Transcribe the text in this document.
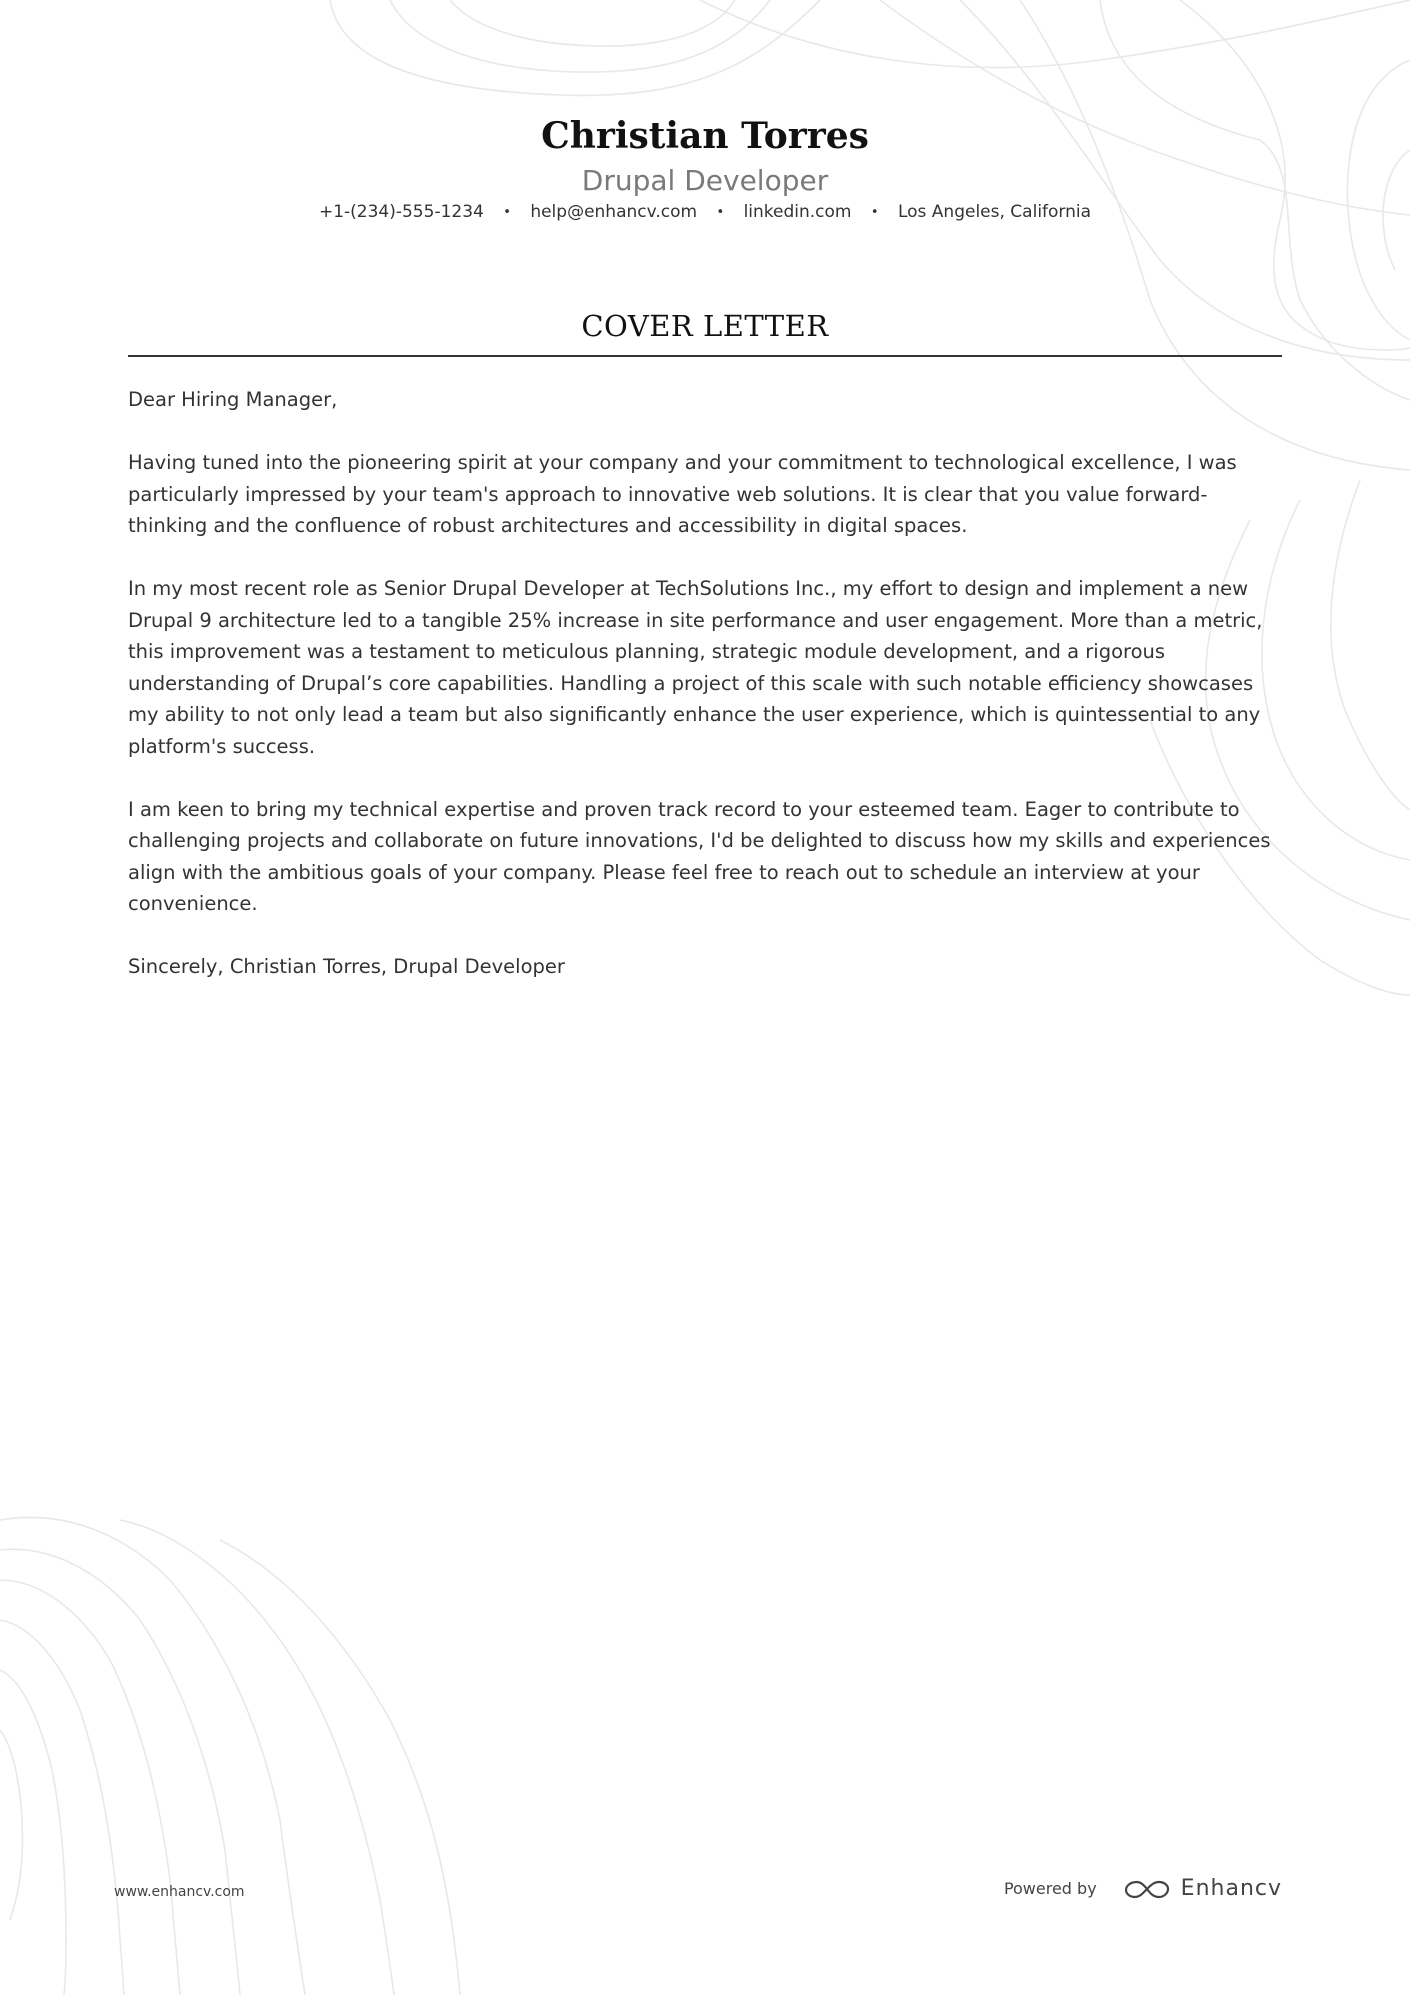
Christian Torres
Drupal Developer
+1-(234)-555-1234 • help@enhancv.com • linkedin.com • Los Angeles, California
COVER LETTER

Dear Hiring Manager,

Having tuned into the pioneering spirit at your company and your commitment to technological excellence, I was particularly impressed by your team's approach to innovative web solutions. It is clear that you value forward-thinking and the confluence of robust architectures and accessibility in digital spaces.

In my most recent role as Senior Drupal Developer at TechSolutions Inc., my effort to design and implement a new Drupal 9 architecture led to a tangible 25% increase in site performance and user engagement. More than a metric, this improvement was a testament to meticulous planning, strategic module development, and a rigorous understanding of Drupal’s core capabilities. Handling a project of this scale with such notable efficiency showcases my ability to not only lead a team but also significantly enhance the user experience, which is quintessential to any platform's success.

I am keen to bring my technical expertise and proven track record to your esteemed team. Eager to contribute to challenging projects and collaborate on future innovations, I'd be delighted to discuss how my skills and experiences align with the ambitious goals of your company. Please feel free to reach out to schedule an interview at your convenience.

Sincerely, Christian Torres, Drupal Developer

www.enhancv.com	Powered by	Enhancv
